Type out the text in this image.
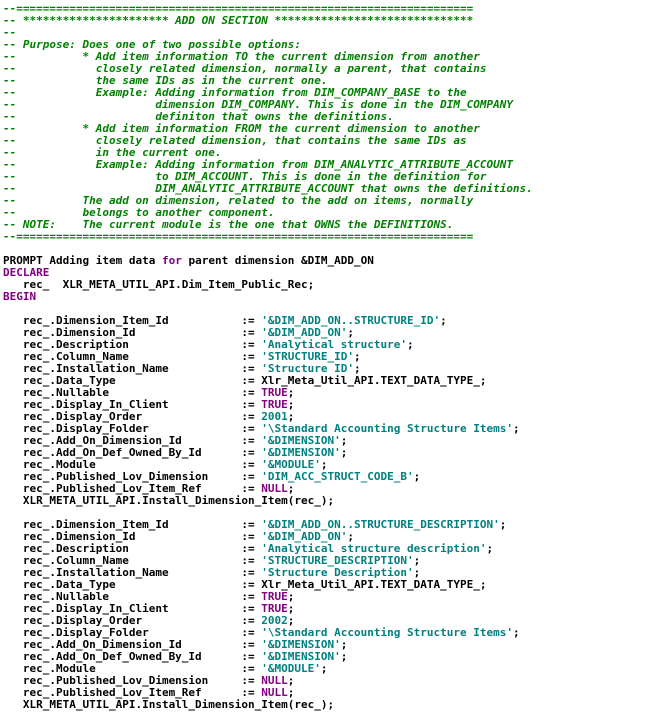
--=====================================================================
-- ********************** ADD ON SECTION ******************************
--
-- Purpose: Does one of two possible options:
--          * Add item information TO the current dimension from another
--            closely related dimension, normally a parent, that contains
--            the same IDs as in the current one.
--            Example: Adding information from DIM_COMPANY_BASE to the
--                     dimension DIM_COMPANY. This is done in the DIM_COMPANY
--                     definiton that owns the definitions.
--          * Add item information FROM the current dimension to another
--            closely related dimension, that contains the same IDs as
--            in the current one.
--            Example: Adding information from DIM_ANALYTIC_ATTRIBUTE_ACCOUNT
--                     to DIM_ACCOUNT. This is done in the definition for
--                     DIM_ANALYTIC_ATTRIBUTE_ACCOUNT that owns the definitions.
--          The add on dimension, related to the add on items, normally
--          belongs to another component.
-- NOTE:    The current module is the one that OWNS the DEFINITIONS.
--=====================================================================
PROMPT Adding item data for parent dimension &DIM_ADD_ON
DECLARE
rec_  XLR_META_UTIL_API.Dim_Item_Public_Rec;
BEGIN
rec_.Dimension_Item_Id           := '&DIM_ADD_ON..STRUCTURE_ID';
rec_.Dimension_Id                := '&DIM_ADD_ON';
rec_.Description                 := 'Analytical structure';
rec_.Column_Name                 := 'STRUCTURE_ID';
rec_.Installation_Name           := 'Structure ID';
rec_.Data_Type                   := Xlr_Meta_Util_API.TEXT_DATA_TYPE_;
rec_.Nullable                    := TRUE;
rec_.Display_In_Client           := TRUE;
rec_.Display_Order               := 2001;
rec_.Display_Folder              := '\Standard Accounting Structure Items';
rec_.Add_On_Dimension_Id         := '&DIMENSION';
rec_.Add_On_Def_Owned_By_Id      := '&DIMENSION';
rec_.Module                      := '&MODULE';
rec_.Published_Lov_Dimension     := 'DIM_ACC_STRUCT_CODE_B';
rec_.Published_Lov_Item_Ref      := NULL;
XLR_META_UTIL_API.Install_Dimension_Item(rec_);
rec_.Dimension_Item_Id           := '&DIM_ADD_ON..STRUCTURE_DESCRIPTION';
rec_.Dimension_Id                := '&DIM_ADD_ON';
rec_.Description                 := 'Analytical structure description';
rec_.Column_Name                 := 'STRUCTURE_DESCRIPTION';
rec_.Installation_Name           := 'Structure Description';
rec_.Data_Type                   := Xlr_Meta_Util_API.TEXT_DATA_TYPE_;
rec_.Nullable                    := TRUE;
rec_.Display_In_Client           := TRUE;
rec_.Display_Order               := 2002;
rec_.Display_Folder              := '\Standard Accounting Structure Items';
rec_.Add_On_Dimension_Id         := '&DIMENSION';
rec_.Add_On_Def_Owned_By_Id      := '&DIMENSION';
rec_.Module                      := '&MODULE';
rec_.Published_Lov_Dimension     := NULL;
rec_.Published_Lov_Item_Ref      := NULL;
XLR_META_UTIL_API.Install_Dimension_Item(rec_);
